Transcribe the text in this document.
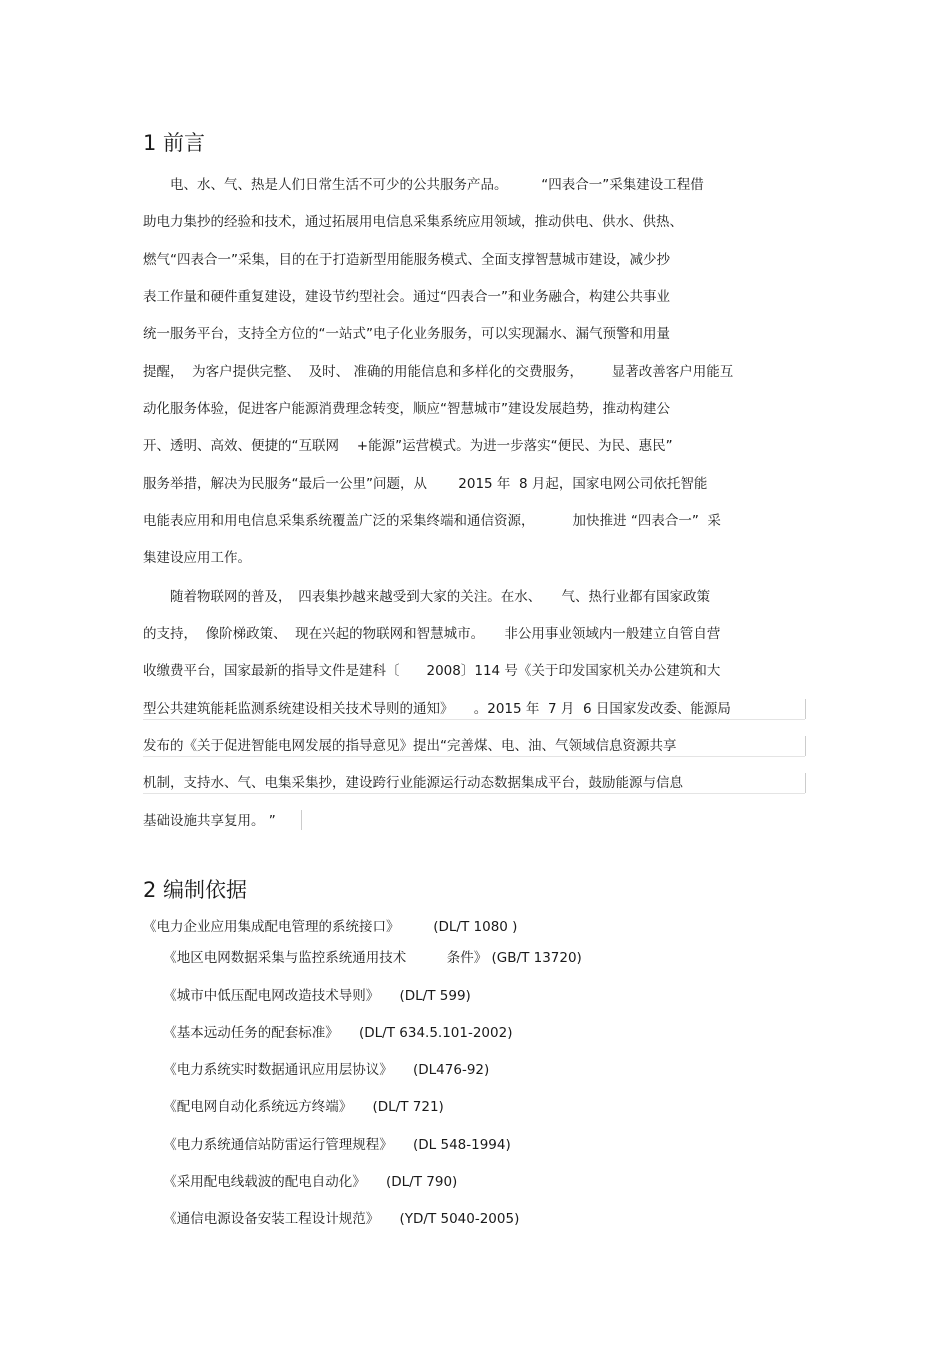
1 前言

　　电、水、气、热是人们日常生活不可少的公共服务产品。　　　“四表合一”采集建设工程借

助电力集抄的经验和技术，通过拓展用电信息采集系统应用领域，推动供电、供水、供热、

燃气“四表合一”采集，目的在于打造新型用能服务模式、全面支撑智慧城市建设，减少抄

表工作量和硬件重复建设，建设节约型社会。通过“四表合一”和业务融合，构建公共事业

统一服务平台，支持全方位的“一站式”电子化业务服务，可以实现漏水、漏气预警和用量

提醒，  为客户提供完整、  及时、 准确的用能信息和多样化的交费服务，　　  显著改善客户用能互

动化服务体验，促进客户能源消费理念转变，顺应“智慧城市”建设发展趋势，推动构建公

开、透明、高效、便捷的“互联网　 +能源”运营模式。为进一步落实“便民、为民、惠民”

服务举措，解决为民服务“最后一公里”问题，从　　 2015 年  8 月起，国家电网公司依托智能

电能表应用和用电信息采集系统覆盖广泛的采集终端和通信资源，　　　 加快推进 “四表合一”  采

集建设应用工作。

　　随着物联网的普及，　四表集抄越来越受到大家的关注。在水、　　气、热行业都有国家政策

的支持，  像阶梯政策、  现在兴起的物联网和智慧城市。　　非公用事业领域内一般建立自管自营

收缴费平台，国家最新的指导文件是建科〔　　2008〕114 号《关于印发国家机关办公建筑和大

型公共建筑能耗监测系统建设相关技术导则的通知》　　。2015 年  7 月  6 日国家发改委、能源局

发布的《关于促进智能电网发展的指导意见》提出“完善煤、电、油、气领域信息资源共享

机制，支持水、气、电集采集抄，建设跨行业能源运行动态数据集成平台，鼓励能源与信息

基础设施共享复用。 ”

2 编制依据

《电力企业应用集成配电管理的系统接口》　　　(DL/T 1080 )

　　《地区电网数据采集与监控系统通用技术　　　条件》 (GB/T 13720)

　　《城市中低压配电网改造技术导则》　　(DL/T 599)

　　《基本远动任务的配套标准》　　(DL/T 634.5.101-2002)

　　《电力系统实时数据通讯应用层协议》　　(DL476-92)

　　《配电网自动化系统远方终端》　　(DL/T 721)

　　《电力系统通信站防雷运行管理规程》　　(DL 548-1994)

　　《采用配电线载波的配电自动化》　　(DL/T 790)

　　《通信电源设备安装工程设计规范》　　(YD/T 5040-2005)
